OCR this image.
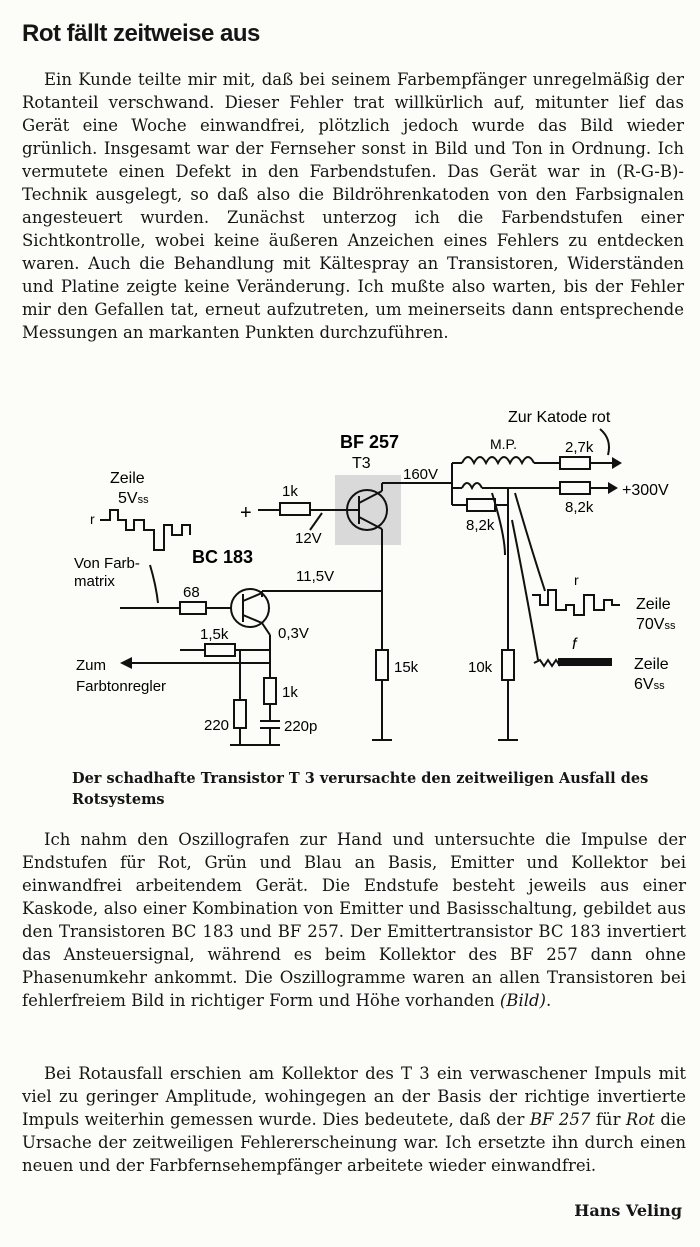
Rot fällt zeitweise aus

Ein Kunde teilte mir mit, daß bei seinem Farbempfänger unregelmäßig der Rotanteil verschwand. Dieser Fehler trat willkürlich auf, mitunter lief das Gerät eine Woche einwandfrei, plötzlich jedoch wurde das Bild wieder grünlich. Insgesamt war der Fernseher sonst in Bild und Ton in Ordnung. Ich vermutete einen Defekt in den Farbendstufen. Das Gerät war in (R-G-B)-Technik ausgelegt, so daß also die Bildröhrenkatoden von den Farbsignalen angesteuert wurden. Zunächst unterzog ich die Farbendstufen einer Sichtkontrolle, wobei keine äußeren Anzeichen eines Fehlers zu entdecken waren. Auch die Behandlung mit Kältespray an Transistoren, Widerständen und Platine zeigte keine Veränderung. Ich mußte also warten, bis der Fehler mir den Gefallen tat, erneut aufzutreten, um meinerseits dann entsprechende Messungen an markanten Punkten durchzuführen.

BF 257
T3
+
1k
12V
160V
M.P.	2,7k
Zur Katode rot
+300V
8,2k
8,2k
10k
11,5V
15k
BC 183
68
Von Farb-
matrix
Zeile
5Vss
r
0,3V
Zum
Farbtonregler
1,5k
220
1k
220p
r
Zeile
70Vss
f
Zeile
6Vss

Der schadhafte Transistor T 3 verursachte den zeitweiligen Ausfall des Rotsystems

Ich nahm den Oszillografen zur Hand und untersuchte die Impulse der Endstufen für Rot, Grün und Blau an Basis, Emitter und Kollektor bei einwandfrei arbeitendem Gerät. Die Endstufe besteht jeweils aus einer Kaskode, also einer Kombination von Emitter und Basisschaltung, gebildet aus den Transistoren BC 183 und BF 257. Der Emittertransistor BC 183 invertiert das Ansteuersignal, während es beim Kollektor des BF 257 dann ohne Phasenumkehr ankommt. Die Oszillogramme waren an allen Transistoren bei fehlerfreiem Bild in richtiger Form und Höhe vorhanden (Bild).

Bei Rotausfall erschien am Kollektor des T 3 ein verwaschener Impuls mit viel zu geringer Amplitude, wohingegen an der Basis der richtige invertierte Impuls weiterhin gemessen wurde. Dies bedeutete, daß der BF 257 für Rot die Ursache der zeitweiligen Fehlererscheinung war. Ich ersetzte ihn durch einen neuen und der Farbfernsehempfänger arbeitete wieder einwandfrei.

Hans Veling
